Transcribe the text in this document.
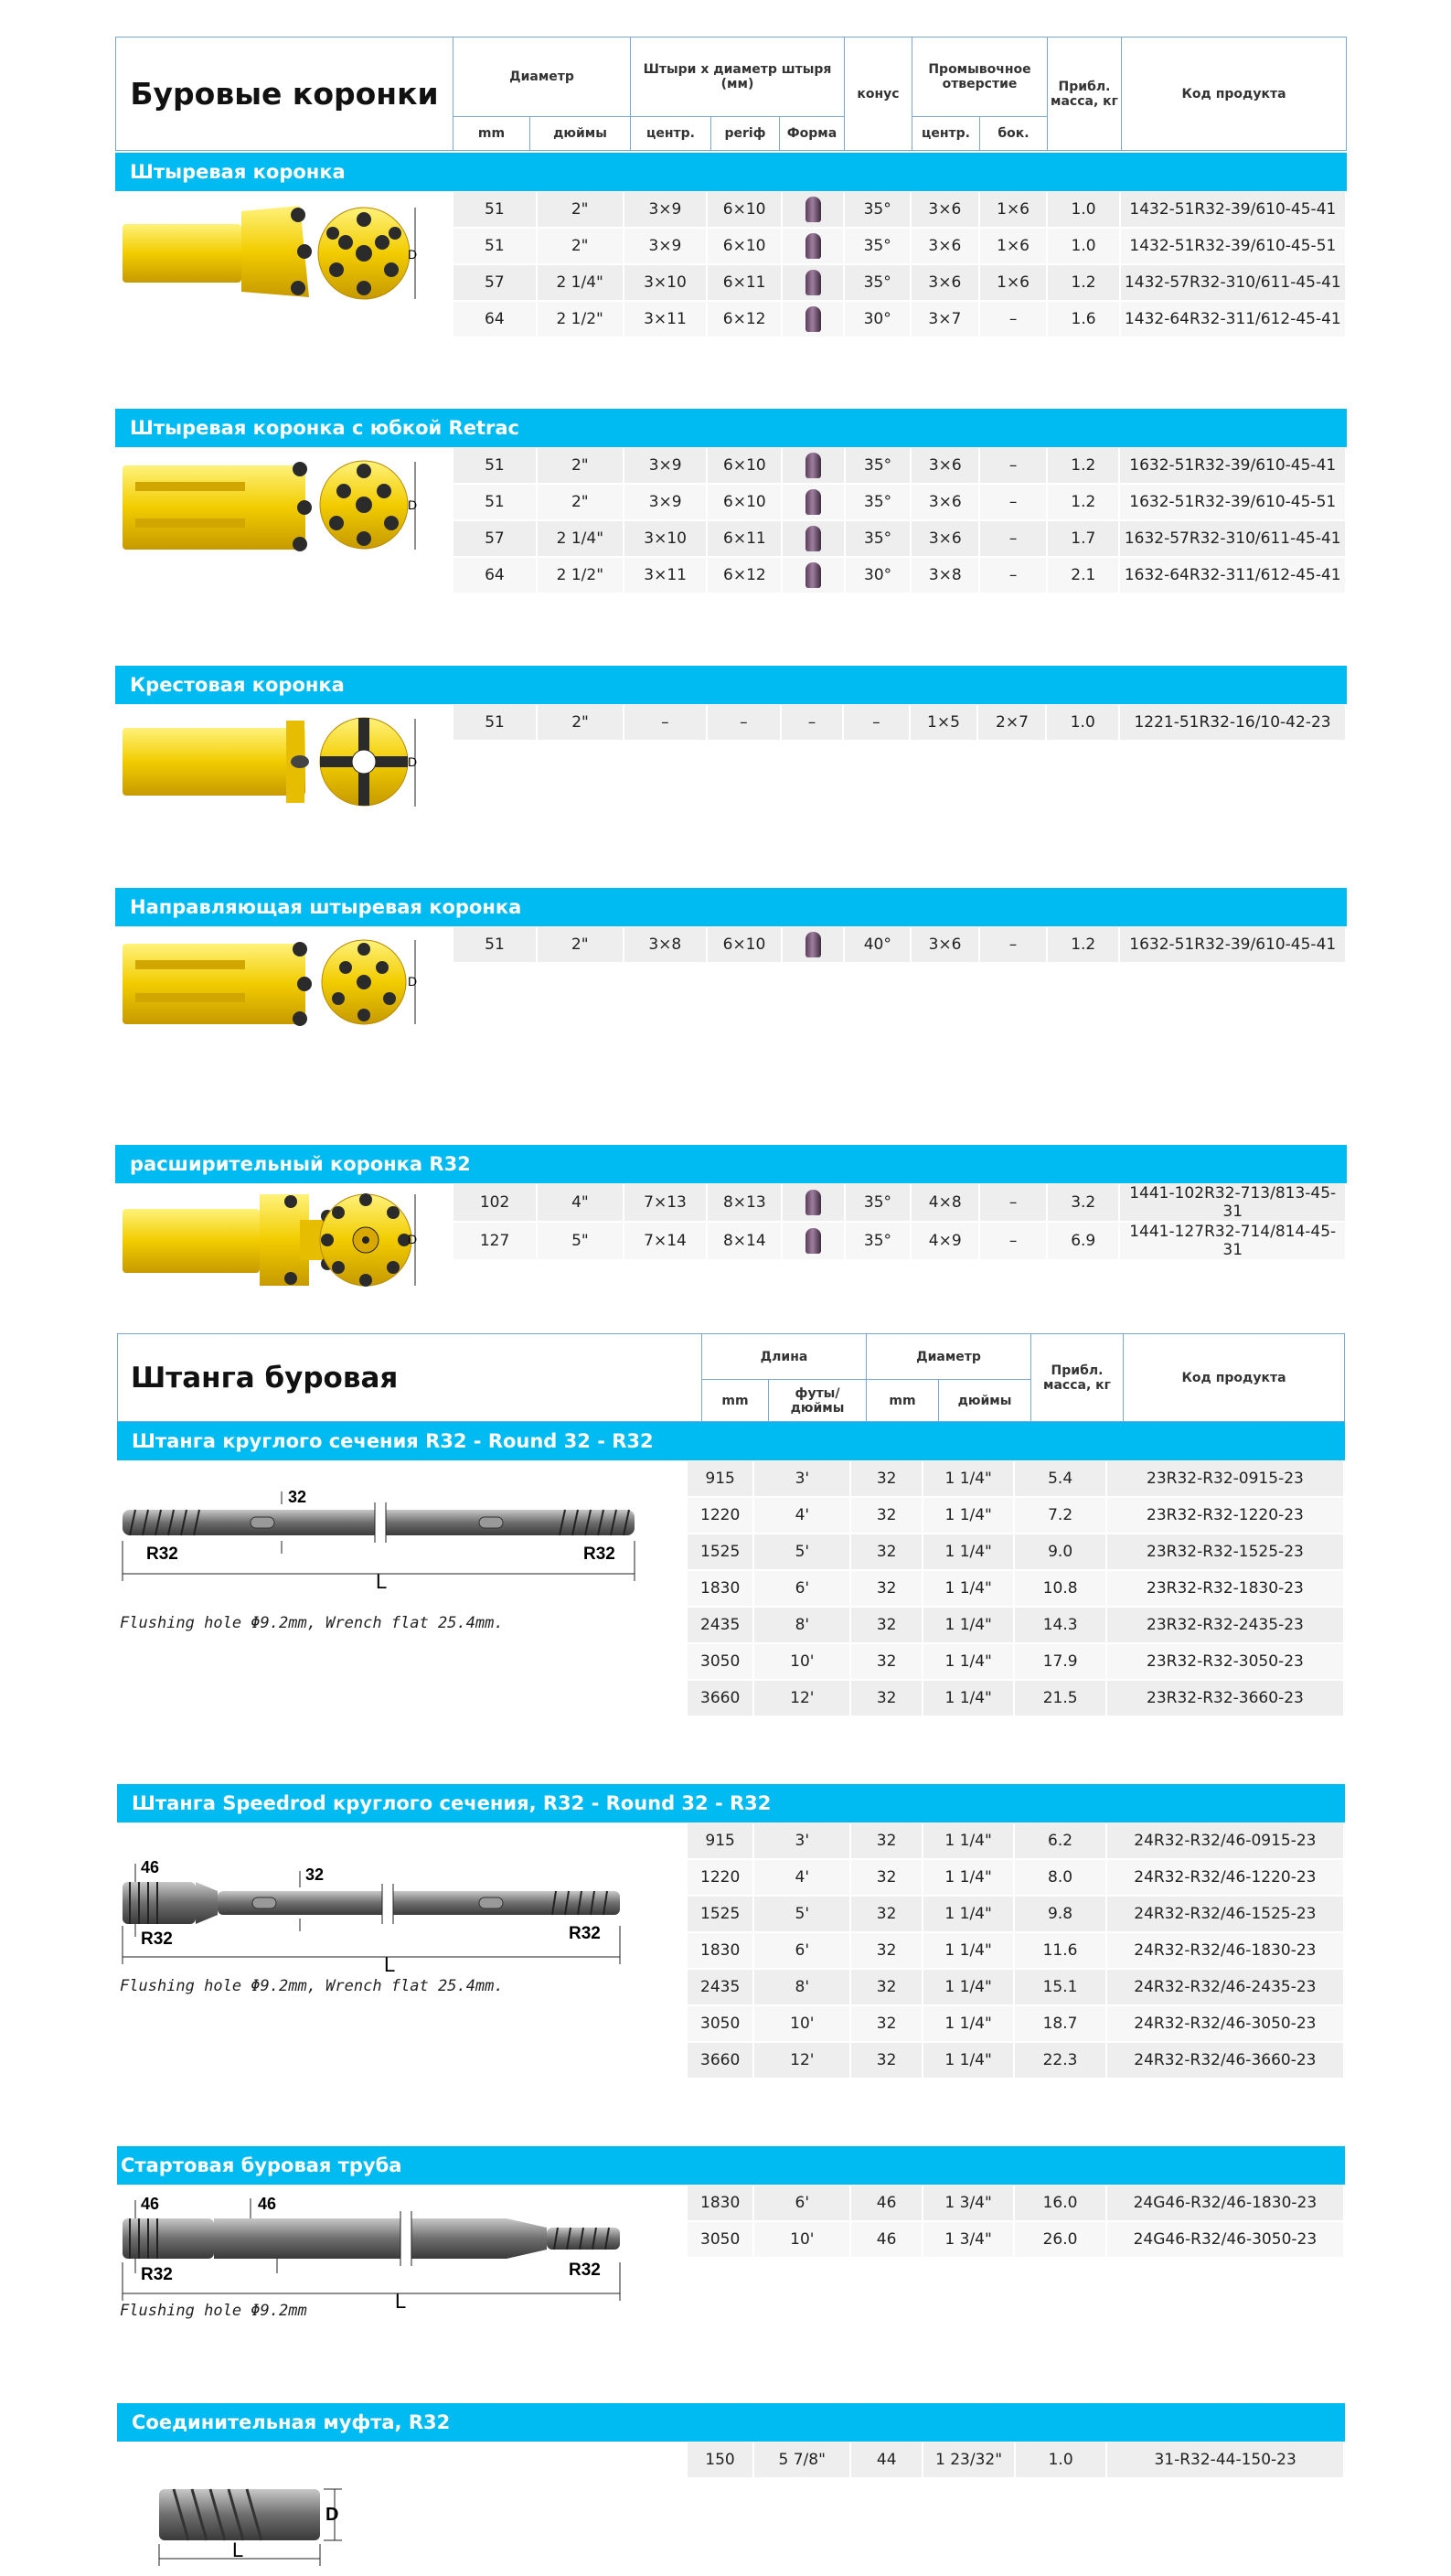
Буровые коронки	Диаметр		Штыри x диаметр штыря (мм)			конус	Промывочное отверстие		Прибл. масса, кг	Код продукта
	mm	дюймы	центр.	periф	Форма		центр.	бок.		
Штыревая коронка
Штыревая коронка с юбкой Retrac
Крестовая коронка
Направляющая штыревая коронка
расширительный коронка R32
51	2"	3×9	6×10		35°	3×6	1×6	1.0	1432-51R32-39/610-45-41
51	2"	3×9	6×10		35°	3×6	1×6	1.0	1432-51R32-39/610-45-51
57	2 1/4"	3×10	6×11		35°	3×6	1×6	1.2	1432-57R32-310/611-45-41
64	2 1/2"	3×11	6×12		30°	3×7	–	1.6	1432-64R32-311/612-45-41
51	2"	3×9	6×10		35°	3×6	–	1.2	1632-51R32-39/610-45-41
51	2"	3×9	6×10		35°	3×6	–	1.2	1632-51R32-39/610-45-51
57	2 1/4"	3×10	6×11		35°	3×6	–	1.7	1632-57R32-310/611-45-41
64	2 1/2"	3×11	6×12		30°	3×8	–	2.1	1632-64R32-311/612-45-41
51	2"	–	–	–	–	1×5	2×7	1.0	1221-51R32-16/10-42-23
51	2"	3×8	6×10		40°	3×6	–	1.2	1632-51R32-39/610-45-41
102	4"	7×13	8×13		35°	4×8	–	3.2	1441-102R32-713/813-45-31
127	5"	7×14	8×14		35°	4×9	–	6.9	1441-127R32-714/814-45-31
D
D
D
D
D
Штанга буровая	Длина		Диаметр		Прибл. масса, кг	Код продукта
	mm	футы/дюймы	mm	дюймы		
Штанга круглого сечения R32 - Round 32 - R32
Штанга Speedrod круглого сечения, R32 - Round 32 - R32
Стартовая буровая труба
Соединительная муфта, R32
915	3'	32	1 1/4"	5.4	23R32-R32-0915-23
1220	4'	32	1 1/4"	7.2	23R32-R32-1220-23
1525	5'	32	1 1/4"	9.0	23R32-R32-1525-23
1830	6'	32	1 1/4"	10.8	23R32-R32-1830-23
2435	8'	32	1 1/4"	14.3	23R32-R32-2435-23
3050	10'	32	1 1/4"	17.9	23R32-R32-3050-23
3660	12'	32	1 1/4"	21.5	23R32-R32-3660-23
915	3'	32	1 1/4"	6.2	24R32-R32/46-0915-23
1220	4'	32	1 1/4"	8.0	24R32-R32/46-1220-23
1525	5'	32	1 1/4"	9.8	24R32-R32/46-1525-23
1830	6'	32	1 1/4"	11.6	24R32-R32/46-1830-23
2435	8'	32	1 1/4"	15.1	24R32-R32/46-2435-23
3050	10'	32	1 1/4"	18.7	24R32-R32/46-3050-23
3660	12'	32	1 1/4"	22.3	24R32-R32/46-3660-23
1830	6'	46	1 3/4"	16.0	24G46-R32/46-1830-23
3050	10'	46	1 3/4"	26.0	24G46-R32/46-3050-23
150	5 7/8"	44	1 23/32"	1.0	31-R32-44-150-23
32
R32	R32
L
Flushing hole Φ9.2mm, Wrench flat 25.4mm.
46	32
R32	R32
L
Flushing hole Φ9.2mm, Wrench flat 25.4mm.
46	46
R32	R32
L
Flushing hole Φ9.2mm
D
L
